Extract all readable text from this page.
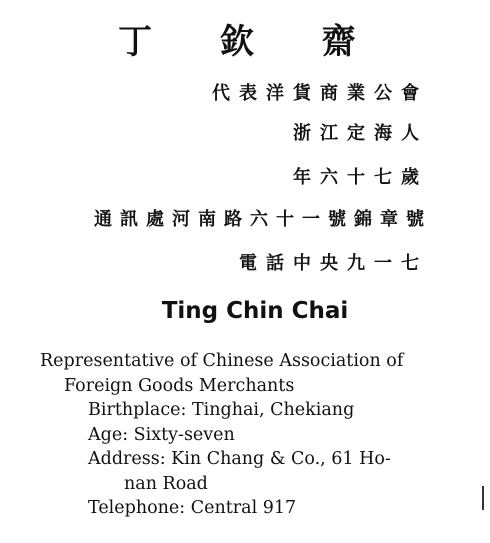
丁 欽 齋
代表洋貨商業公會
浙江定海人
年六十七歲
通訊處河南路六十一號錦章號
電話中央九一七
Ting Chin Chai
Representative of Chinese Association of
Foreign Goods Merchants
Birthplace: Tinghai, Chekiang
Age: Sixty-seven
Address: Kin Chang & Co., 61 Ho-
nan Road
Telephone: Central 917
